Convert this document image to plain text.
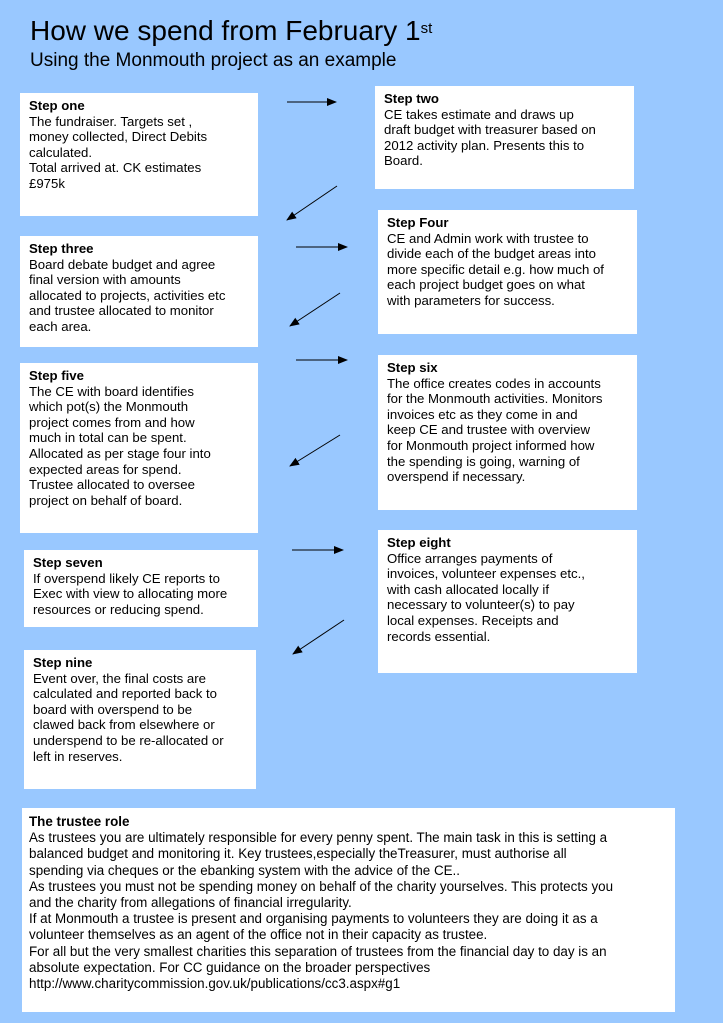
How we spend from February 1st
Using the Monmouth project as an example
Step one
The fundraiser. Targets set ,
money collected, Direct Debits
calculated.
Total arrived at. CK estimates
£975k
Step two
CE takes estimate and draws up
draft budget with treasurer based on
2012 activity plan. Presents this to
Board.
Step three
Board debate budget and agree
final version with amounts
allocated to projects, activities etc
and trustee allocated to monitor
each area.
Step Four
CE and Admin work with trustee to
divide each of the budget areas into
more specific detail e.g. how much of
each project budget goes on what
with parameters for success.
Step five
The CE with board identifies
which pot(s) the Monmouth
project comes from and how
much in total can be spent.
Allocated as per stage four into
expected areas for spend.
Trustee allocated to oversee
project on behalf of board.
Step six
The office creates codes in accounts
for the Monmouth activities. Monitors
invoices etc as they come in and
keep CE and trustee with overview
for Monmouth project informed how
the spending is going, warning of
overspend if necessary.
Step seven
If overspend likely CE reports to
Exec with view to allocating more
resources or reducing spend.
Step eight
Office arranges payments of
invoices, volunteer expenses etc.,
with cash allocated locally if
necessary to volunteer(s) to pay
local expenses. Receipts and
records essential.
Step nine
Event over, the final costs are
calculated and reported back to
board with overspend to be
clawed back from elsewhere or
underspend to be re-allocated or
left in reserves.
The trustee role
As trustees you are ultimately responsible for every penny spent. The main task in this is setting a
balanced budget and monitoring it. Key trustees,especially theTreasurer, must authorise all
spending via cheques or the ebanking system with the advice of the CE..
As trustees you must not be spending money on behalf of the charity yourselves. This protects you
and the charity from allegations of financial irregularity.
If at Monmouth a trustee is present and organising payments to volunteers they are doing it as a
volunteer themselves as an agent of the office not in their capacity as trustee.
For all but the very smallest charities this separation of trustees from the financial day to day is an
absolute expectation. For CC guidance on the broader perspectives
http://www.charitycommission.gov.uk/publications/cc3.aspx#g1
